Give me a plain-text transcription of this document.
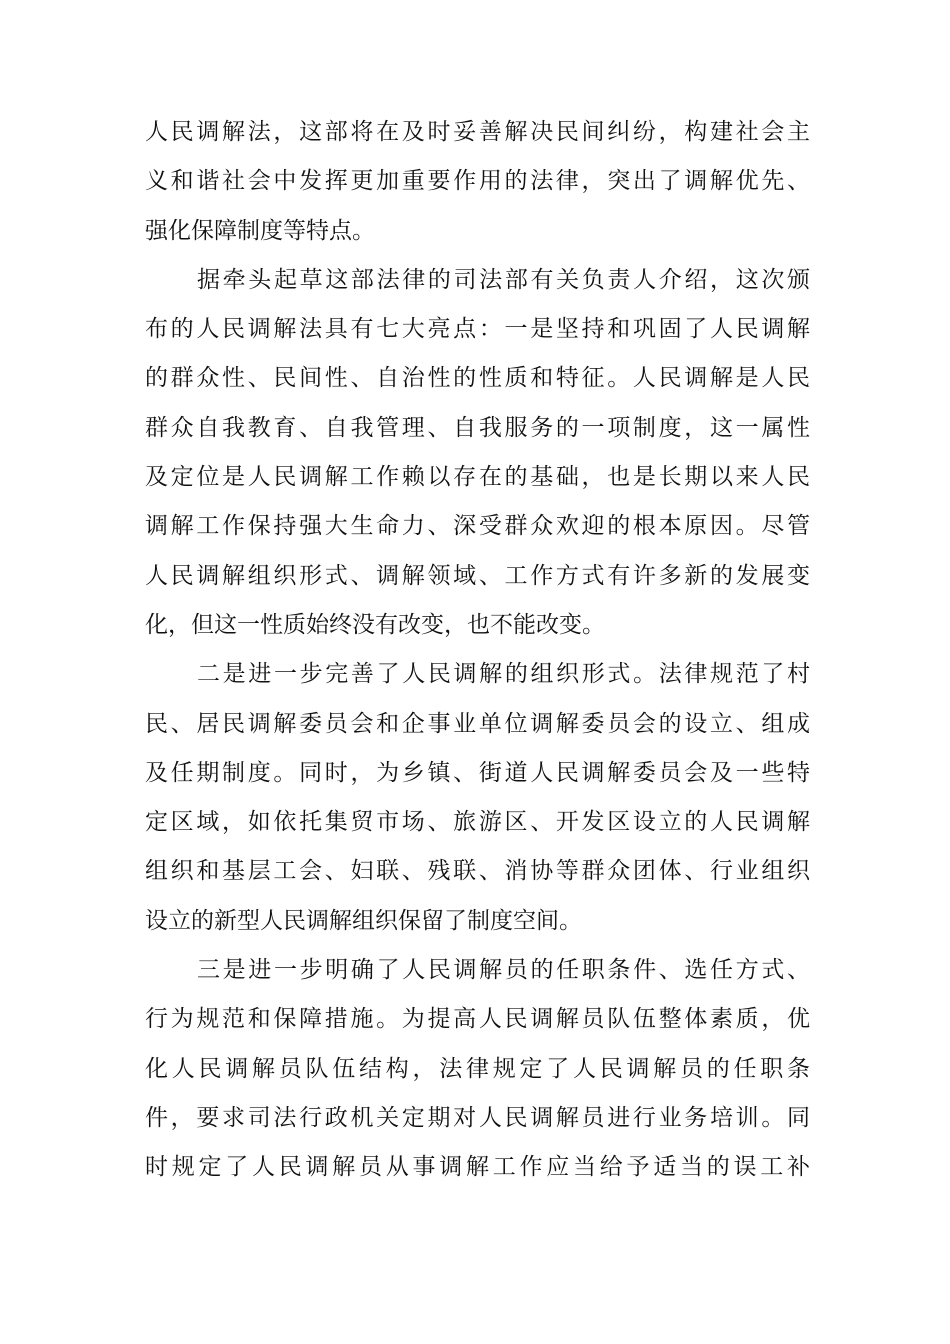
人民调解法，这部将在及时妥善解决民间纠纷，构建社会主
义和谐社会中发挥更加重要作用的法律，突出了调解优先、
强化保障制度等特点。
据牵头起草这部法律的司法部有关负责人介绍，这次颁
布的人民调解法具有七大亮点：一是坚持和巩固了人民调解
的群众性、民间性、自治性的性质和特征。人民调解是人民
群众自我教育、自我管理、自我服务的一项制度，这一属性
及定位是人民调解工作赖以存在的基础，也是长期以来人民
调解工作保持强大生命力、深受群众欢迎的根本原因。尽管
人民调解组织形式、调解领域、工作方式有许多新的发展变
化，但这一性质始终没有改变，也不能改变。
二是进一步完善了人民调解的组织形式。法律规范了村
民、居民调解委员会和企事业单位调解委员会的设立、组成
及任期制度。同时，为乡镇、街道人民调解委员会及一些特
定区域，如依托集贸市场、旅游区、开发区设立的人民调解
组织和基层工会、妇联、残联、消协等群众团体、行业组织
设立的新型人民调解组织保留了制度空间。
三是进一步明确了人民调解员的任职条件、选任方式、
行为规范和保障措施。为提高人民调解员队伍整体素质，优
化人民调解员队伍结构，法律规定了人民调解员的任职条
件，要求司法行政机关定期对人民调解员进行业务培训。同
时规定了人民调解员从事调解工作应当给予适当的误工补
